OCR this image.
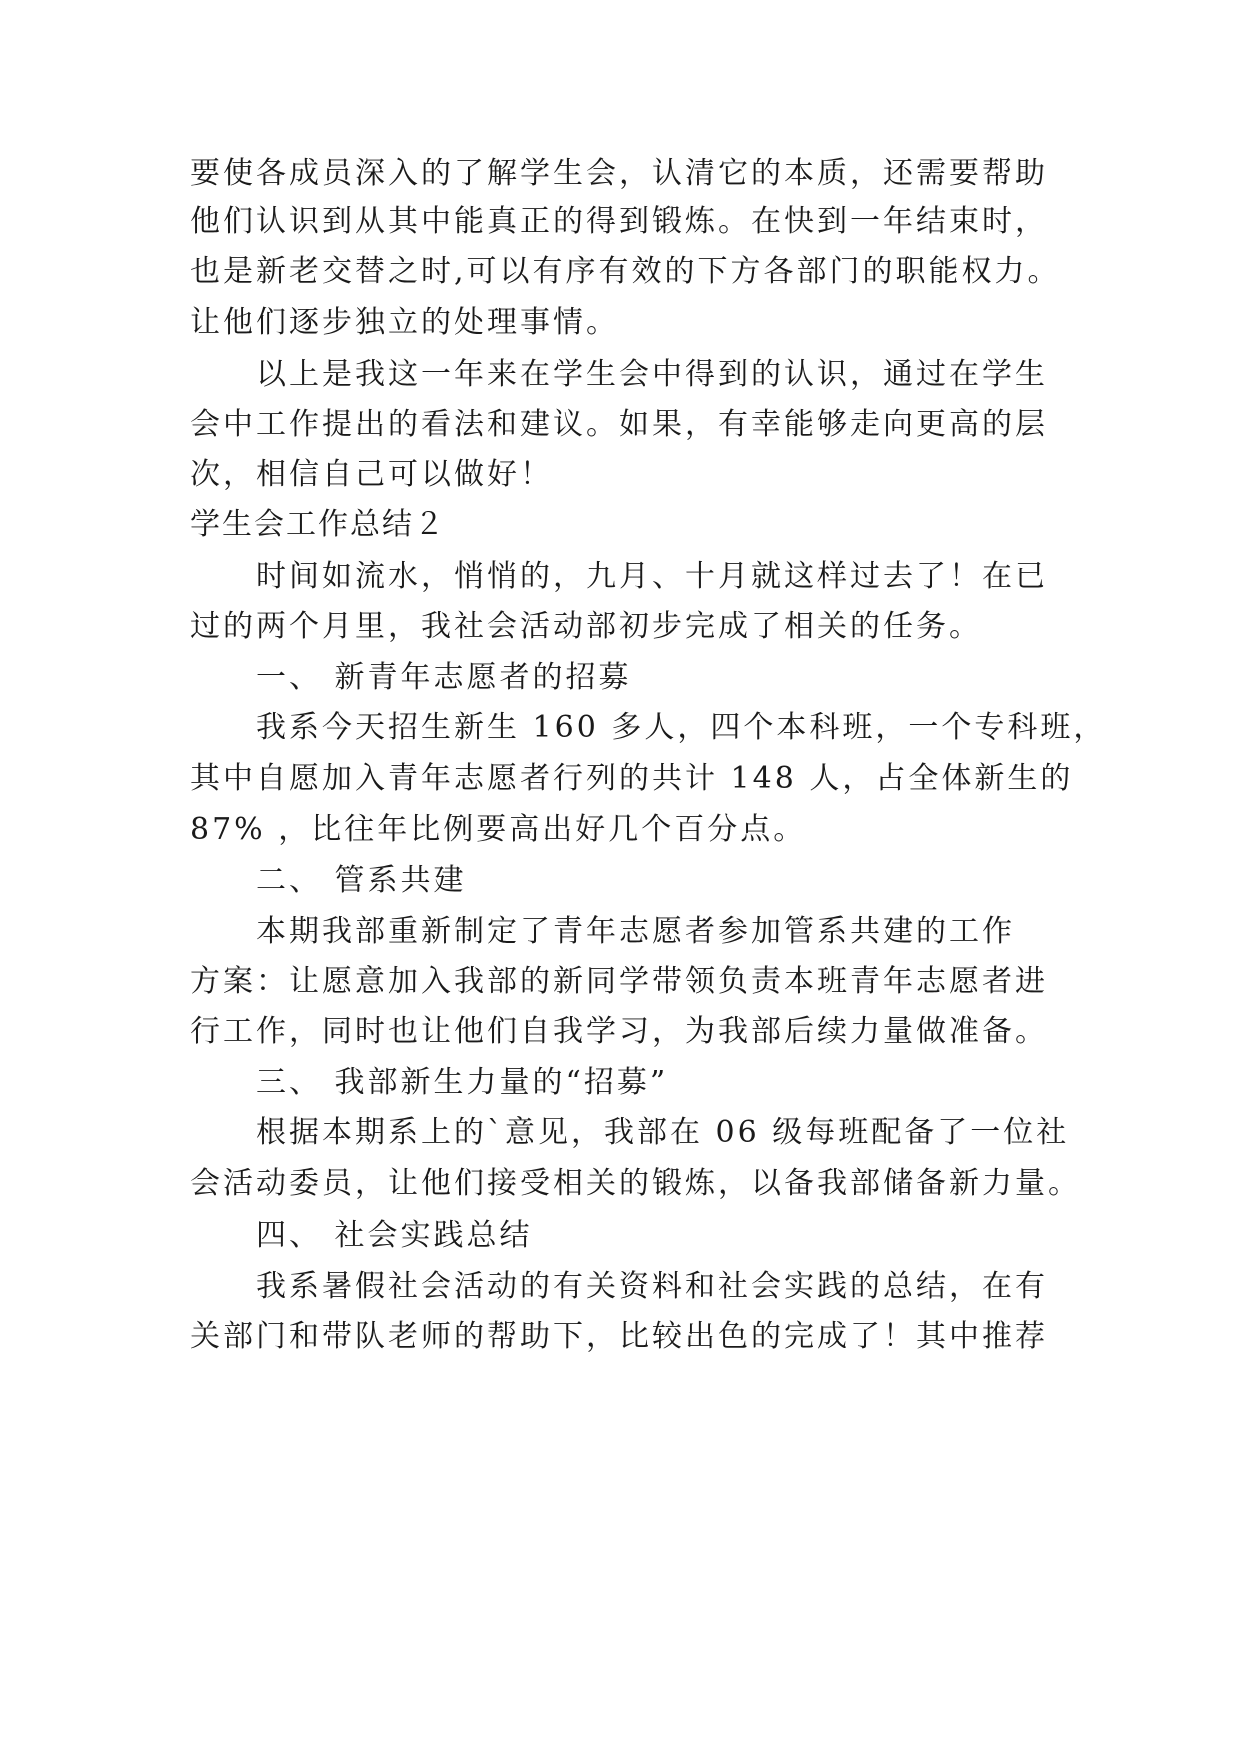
要使各成员深入的了解学生会，认清它的本质，还需要帮助
他们认识到从其中能真正的得到锻炼。在快到一年结束时，
也是新老交替之时,可以有序有效的下方各部门的职能权力。
让他们逐步独立的处理事情。
以上是我这一年来在学生会中得到的认识，通过在学生
会中工作提出的看法和建议。如果，有幸能够走向更高的层
次，相信自己可以做好！
学生会工作总结２
时间如流水，悄悄的，九月、十月就这样过去了！在已
过的两个月里，我社会活动部初步完成了相关的任务。
一、 新青年志愿者的招募
我系今天招生新生 160 多人，四个本科班，一个专科班，
其中自愿加入青年志愿者行列的共计 148 人，占全体新生的
87% ，比往年比例要高出好几个百分点。
二、 管系共建
本期我部重新制定了青年志愿者参加管系共建的工作
方案：让愿意加入我部的新同学带领负责本班青年志愿者进
行工作，同时也让他们自我学习，为我部后续力量做准备。
三、 我部新生力量的“招募”
根据本期系上的`意见，我部在 06 级每班配备了一位社
会活动委员，让他们接受相关的锻炼，以备我部储备新力量。
四、 社会实践总结
我系暑假社会活动的有关资料和社会实践的总结，在有
关部门和带队老师的帮助下，比较出色的完成了！其中推荐
